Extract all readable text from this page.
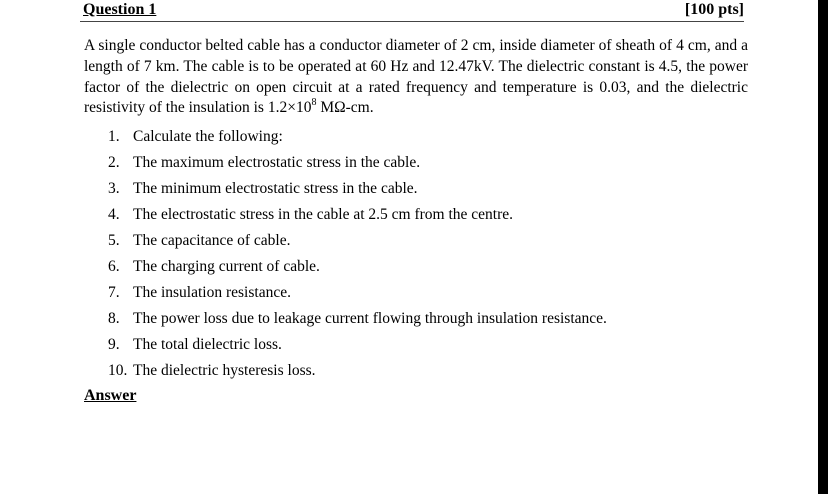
Question 1	[100 pts]
A single conductor belted cable has a conductor diameter of 2 cm, inside diameter of sheath of 4 cm, and a length of 7 km. The cable is to be operated at 60 Hz and 12.47kV. The dielectric constant is 4.5, the power factor of the dielectric on open circuit at a rated frequency and temperature is 0.03, and the dielectric resistivity of the insulation is $1.2\times 10^8$ MΩ-cm.
1. Calculate the following:
2. The maximum electrostatic stress in the cable.
3. The minimum electrostatic stress in the cable.
4. The electrostatic stress in the cable at 2.5 cm from the centre.
5. The capacitance of cable.
6. The charging current of cable.
7. The insulation resistance.
8. The power loss due to leakage current flowing through insulation resistance.
9. The total dielectric loss.
10. The dielectric hysteresis loss.
Answer
